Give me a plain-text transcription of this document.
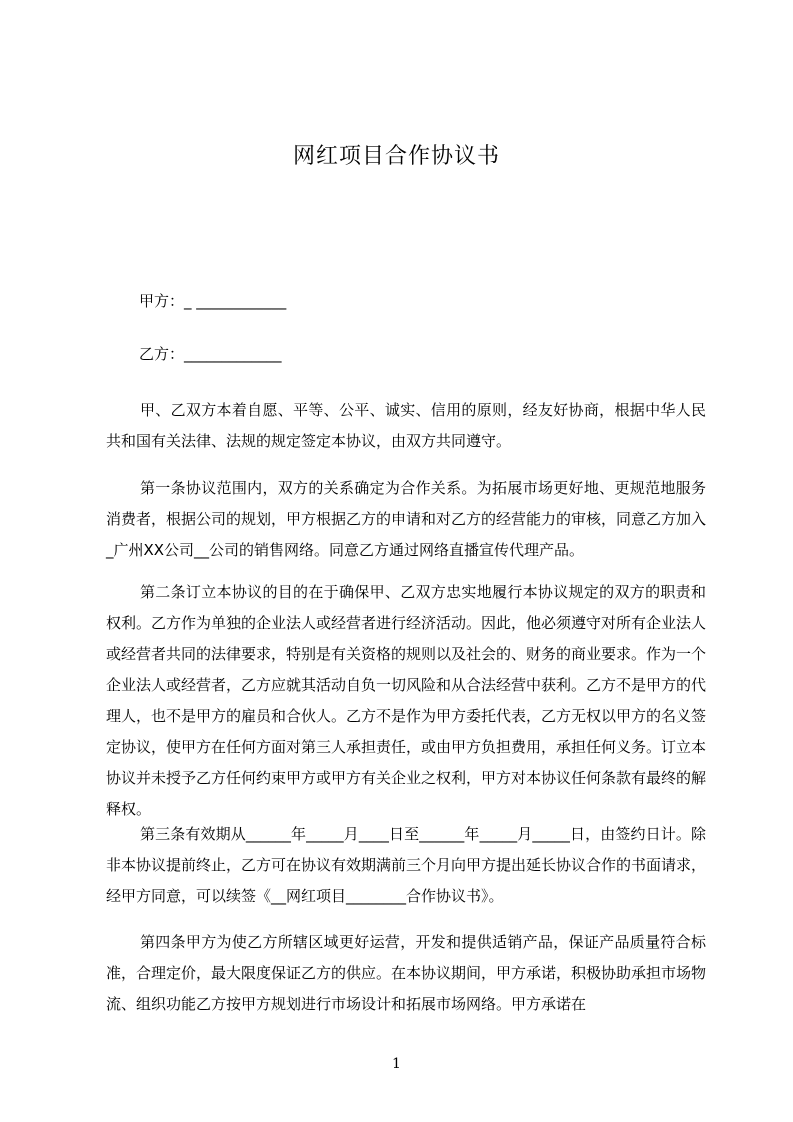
网红项目合作协议书
甲方：_ ____________
乙方：_____________
甲、乙双方本着自愿、平等、公平、诚实、信用的原则，经友好协商，根据中华人民共和国有关法律、法规的规定签定本协议，由双方共同遵守。
第一条协议范围内，双方的关系确定为合作关系。为拓展市场更好地、更规范地服务消费者，根据公司的规划，甲方根据乙方的申请和对乙方的经营能力的审核，同意乙方加入_广州XX公司__公司的销售网络。同意乙方通过网络直播宣传代理产品。
第二条订立本协议的目的在于确保甲、乙双方忠实地履行本协议规定的双方的职责和权利。乙方作为单独的企业法人或经营者进行经济活动。因此，他必须遵守对所有企业法人或经营者共同的法律要求，特别是有关资格的规则以及社会的、财务的商业要求。作为一个企业法人或经营者，乙方应就其活动自负一切风险和从合法经营中获利。乙方不是甲方的代理人，也不是甲方的雇员和合伙人。乙方不是作为甲方委托代表，乙方无权以甲方的名义签定协议，使甲方在任何方面对第三人承担责任，或由甲方负担费用，承担任何义务。订立本协议并未授予乙方任何约束甲方或甲方有关企业之权利，甲方对本协议任何条款有最终的解释权。
第三条有效期从______年_____月____日至______年_____月_____日，由签约日计。除非本协议提前终止，乙方可在协议有效期满前三个月向甲方提出延长协议合作的书面请求，经甲方同意，可以续签《__网红项目________合作协议书》。
第四条甲方为使乙方所辖区域更好运营，开发和提供适销产品，保证产品质量符合标准，合理定价，最大限度保证乙方的供应。在本协议期间，甲方承诺，积极协助承担市场物流、组织功能乙方按甲方规划进行市场设计和拓展市场网络。甲方承诺在
1
